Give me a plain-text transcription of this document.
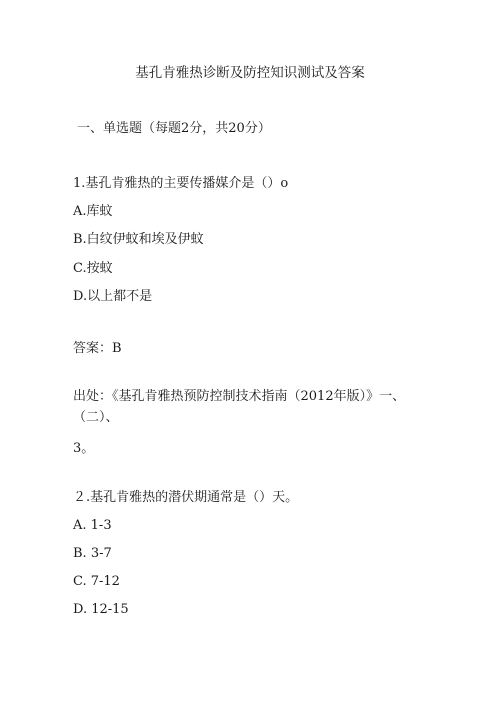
基孔肯雅热诊断及防控知识测试及答案
一、单选题（每题2分，共20分）
1.基孔肯雅热的主要传播媒介是（）o
A.库蚊
B.白纹伊蚊和埃及伊蚊
C.按蚊
D.以上都不是
答案：B
出处：《基孔肯雅热预防控制技术指南（2012年版）》一、
（二）、
3。
２.基孔肯雅热的潜伏期通常是（）天。
A. 1-3
B. 3-7
C. 7-12
D. 12-15
